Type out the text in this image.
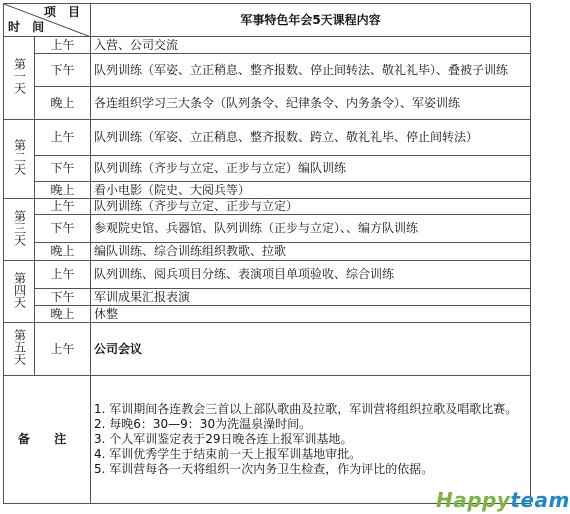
项 目
时 间		军事特色年会5天课程内容
第一天	上午	入营、公司交流
	下午	队列训练（军姿、立正稍息、整齐报数、停止间转法、敬礼礼毕）、叠被子训练
	晚上	各连组织学习三大条令（队列条令、纪律条令、内务条令）、军姿训练
第二天	上午	队列训练（军姿、立正稍息、整齐报数、跨立、敬礼礼毕、停止间转法）
	下午	队列训练（齐步与立定、正步与立定）编队训练
	晚上	看小电影（院史、大阅兵等）
第三天	上午	队列训练（齐步与立定、正步与立定）
	下午	参观院史馆、兵器馆、队列训练（正步与立定）、、编方队训练
	晚上	编队训练、综合训练组织教歌、拉歌
第四天	上午	队列训练、阅兵项目分练、表演项目单项验收、综合训练
	下午	军训成果汇报表演
	晚上	休整
第五天	上午	公司会议
备 注		1. 军训期间各连教会三首以上部队歌曲及拉歌，军训营将组织拉歌及唱歌比赛。
2. 每晚6：30—9：30为洗温泉澡时间。
3. 个人军训鉴定表于29日晚各连上报军训基地。
4. 军训优秀学生于结束前一天上报军训基地审批。
5. 军训营每各一天将组织一次内务卫生检查，作为评比的依据。
Happyteam
